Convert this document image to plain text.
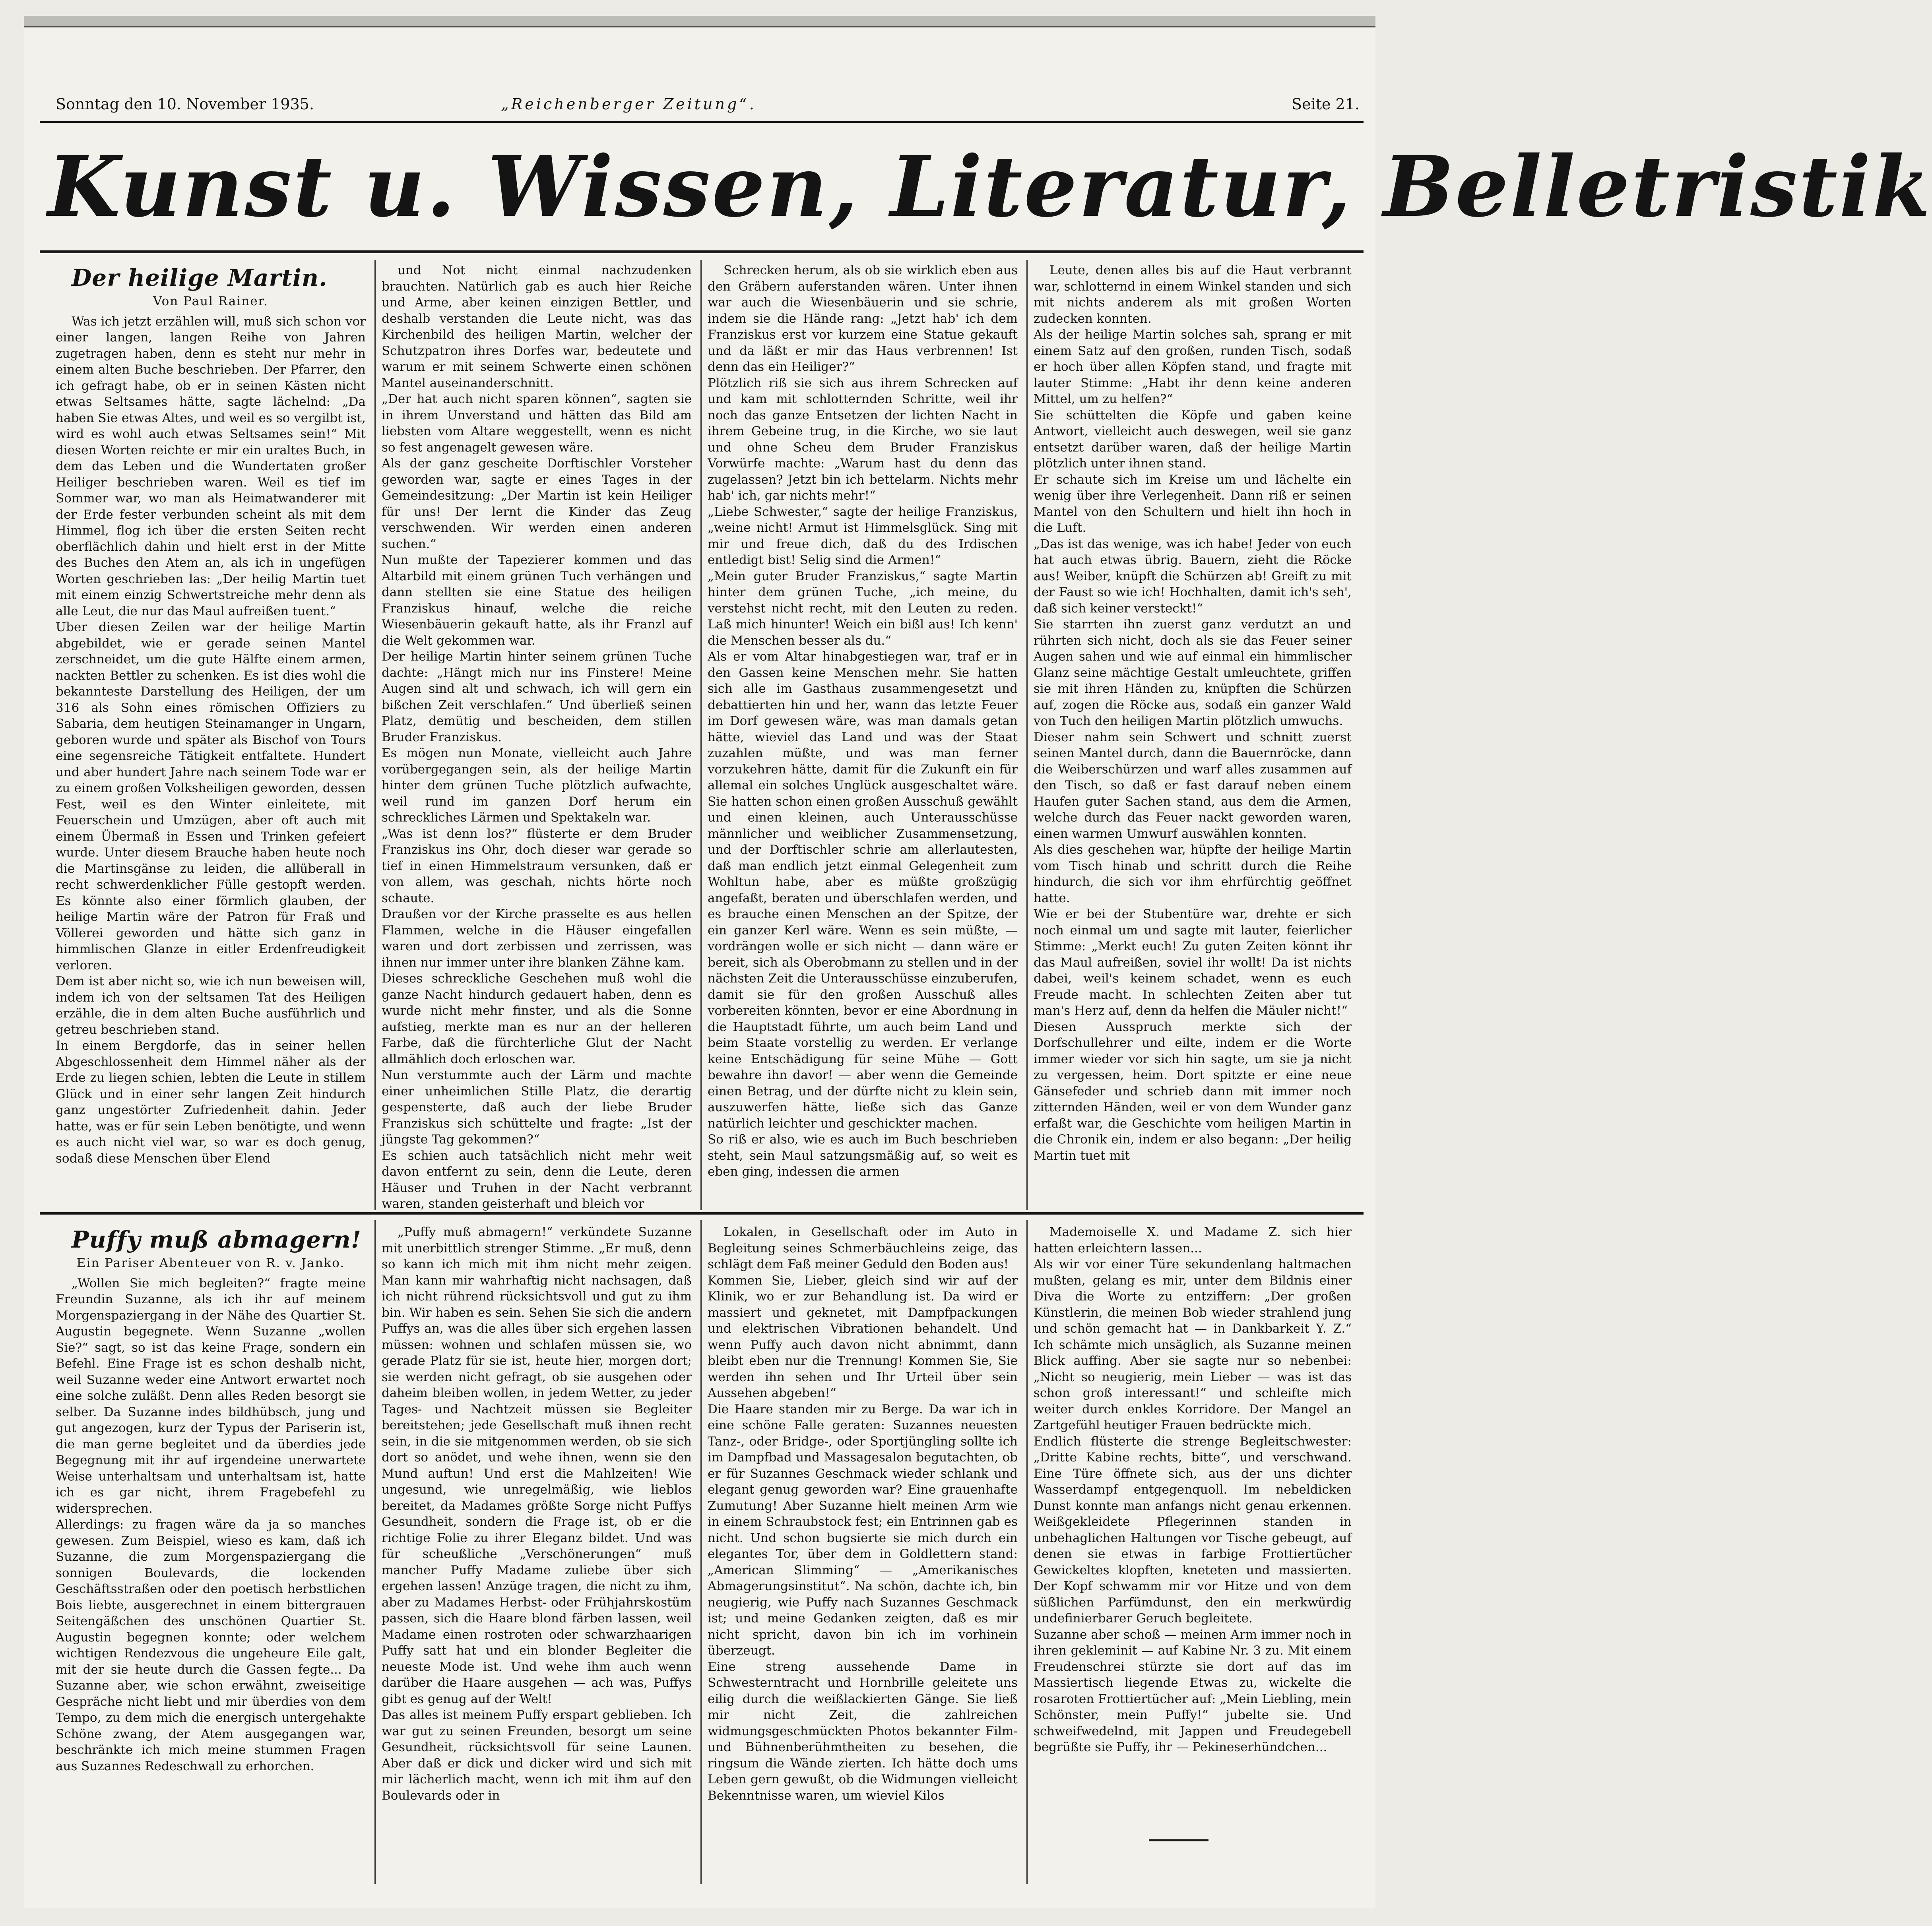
Sonntag den 10. November 1935.	„Reichenberger Zeitung“.	Seite 21.
Kunst u. Wissen, Literatur, Belletristik

Der heilige Martin.

Von Paul Rainer.

Was ich jetzt erzählen will, muß sich schon vor einer langen, langen Reihe von Jahren zugetragen haben, denn es steht nur mehr in einem alten Buche beschrieben. Der Pfarrer, den ich gefragt habe, ob er in seinen Kästen nicht etwas Seltsames hätte, sagte lächelnd: „Da haben Sie etwas Altes, und weil es so vergilbt ist, wird es wohl auch etwas Seltsames sein!“ Mit diesen Worten reichte er mir ein uraltes Buch, in dem das Leben und die Wundertaten großer Heiliger beschrieben waren. Weil es tief im Sommer war, wo man als Heimatwanderer mit der Erde fester verbunden scheint als mit dem Himmel, flog ich über die ersten Seiten recht oberflächlich dahin und hielt erst in der Mitte des Buches den Atem an, als ich in ungefügen Worten geschrieben las: „Der heilig Martin tuet mit einem einzig Schwertstreiche mehr denn als alle Leut, die nur das Maul aufreißen tuent.“
Uber diesen Zeilen war der heilige Martin abgebildet, wie er gerade seinen Mantel zerschneidet, um die gute Hälfte einem armen, nackten Bettler zu schenken. Es ist dies wohl die bekannteste Darstellung des Heiligen, der um 316 als Sohn eines römischen Offiziers zu Sabaria, dem heutigen Steinamanger in Ungarn, geboren wurde und später als Bischof von Tours eine segensreiche Tätigkeit entfaltete. Hundert und aber hundert Jahre nach seinem Tode war er zu einem großen Volksheiligen geworden, dessen Fest, weil es den Winter einleitete, mit Feuerschein und Umzügen, aber oft auch mit einem Übermaß in Essen und Trinken gefeiert wurde. Unter diesem Brauche haben heute noch die Martinsgänse zu leiden, die allüberall in recht schwerdenklicher Fülle gestopft werden. Es könnte also einer förmlich glauben, der heilige Martin wäre der Patron für Fraß und Völlerei geworden und hätte sich ganz in himmlischen Glanze in eitler Erdenfreudigkeit verloren.
Dem ist aber nicht so, wie ich nun beweisen will, indem ich von der seltsamen Tat des Heiligen erzähle, die in dem alten Buche ausführlich und getreu beschrieben stand.
In einem Bergdorfe, das in seiner hellen Abgeschlossenheit dem Himmel näher als der Erde zu liegen schien, lebten die Leute in stillem Glück und in einer sehr langen Zeit hindurch ganz ungestörter Zufriedenheit dahin. Jeder hatte, was er für sein Leben benötigte, und wenn es auch nicht viel war, so war es doch genug, sodaß diese Menschen über Elend

und Not nicht einmal nachzudenken brauchten. Natürlich gab es auch hier Reiche und Arme, aber keinen einzigen Bettler, und deshalb verstanden die Leute nicht, was das Kirchenbild des heiligen Martin, welcher der Schutzpatron ihres Dorfes war, bedeutete und warum er mit seinem Schwerte einen schönen Mantel auseinanderschnitt.
„Der hat auch nicht sparen können“, sagten sie in ihrem Unverstand und hätten das Bild am liebsten vom Altare weggestellt, wenn es nicht so fest angenagelt gewesen wäre.
Als der ganz gescheite Dorftischler Vorsteher geworden war, sagte er eines Tages in der Gemeindesitzung: „Der Martin ist kein Heiliger für uns! Der lernt die Kinder das Zeug verschwenden. Wir werden einen anderen suchen.“
Nun mußte der Tapezierer kommen und das Altarbild mit einem grünen Tuch verhängen und dann stellten sie eine Statue des heiligen Franziskus hinauf, welche die reiche Wiesenbäuerin gekauft hatte, als ihr Franzl auf die Welt gekommen war.
Der heilige Martin hinter seinem grünen Tuche dachte: „Hängt mich nur ins Finstere! Meine Augen sind alt und schwach, ich will gern ein bißchen Zeit verschlafen.“ Und überließ seinen Platz, demütig und bescheiden, dem stillen Bruder Franziskus.
Es mögen nun Monate, vielleicht auch Jahre vorübergegangen sein, als der heilige Martin hinter dem grünen Tuche plötzlich aufwachte, weil rund im ganzen Dorf herum ein schreckliches Lärmen und Spektakeln war.
„Was ist denn los?“ flüsterte er dem Bruder Franziskus ins Ohr, doch dieser war gerade so tief in einen Himmelstraum versunken, daß er von allem, was geschah, nichts hörte noch schaute.
Draußen vor der Kirche prasselte es aus hellen Flammen, welche in die Häuser eingefallen waren und dort zerbissen und zerrissen, was ihnen nur immer unter ihre blanken Zähne kam.
Dieses schreckliche Geschehen muß wohl die ganze Nacht hindurch gedauert haben, denn es wurde nicht mehr finster, und als die Sonne aufstieg, merkte man es nur an der helleren Farbe, daß die fürchterliche Glut der Nacht allmählich doch erloschen war.
Nun verstummte auch der Lärm und machte einer unheimlichen Stille Platz, die derartig gespensterte, daß auch der liebe Bruder Franziskus sich schüttelte und fragte: „Ist der jüngste Tag gekommen?“
Es schien auch tatsächlich nicht mehr weit davon entfernt zu sein, denn die Leute, deren Häuser und Truhen in der Nacht verbrannt waren, standen geisterhaft und bleich vor

Schrecken herum, als ob sie wirklich eben aus den Gräbern auferstanden wären. Unter ihnen war auch die Wiesenbäuerin und sie schrie, indem sie die Hände rang: „Jetzt hab' ich dem Franziskus erst vor kurzem eine Statue gekauft und da läßt er mir das Haus verbrennen! Ist denn das ein Heiliger?“
Plötzlich riß sie sich aus ihrem Schrecken auf und kam mit schlotternden Schritte, weil ihr noch das ganze Entsetzen der lichten Nacht in ihrem Gebeine trug, in die Kirche, wo sie laut und ohne Scheu dem Bruder Franziskus Vorwürfe machte: „Warum hast du denn das zugelassen? Jetzt bin ich bettelarm. Nichts mehr hab' ich, gar nichts mehr!“
„Liebe Schwester,“ sagte der heilige Franziskus, „weine nicht! Armut ist Himmelsglück. Sing mit mir und freue dich, daß du des Irdischen entledigt bist! Selig sind die Armen!“
„Mein guter Bruder Franziskus,“ sagte Martin hinter dem grünen Tuche, „ich meine, du verstehst nicht recht, mit den Leuten zu reden. Laß mich hinunter! Weich ein bißl aus! Ich kenn' die Menschen besser als du.“
Als er vom Altar hinabgestiegen war, traf er in den Gassen keine Menschen mehr. Sie hatten sich alle im Gasthaus zusammengesetzt und debattierten hin und her, wann das letzte Feuer im Dorf gewesen wäre, was man damals getan hätte, wieviel das Land und was der Staat zuzahlen müßte, und was man ferner vorzukehren hätte, damit für die Zukunft ein für allemal ein solches Unglück ausgeschaltet wäre. Sie hatten schon einen großen Ausschuß gewählt und einen kleinen, auch Unterausschüsse männlicher und weiblicher Zusammensetzung, und der Dorftischler schrie am allerlautesten, daß man endlich jetzt einmal Gelegenheit zum Wohltun habe, aber es müßte großzügig angefaßt, beraten und überschlafen werden, und es brauche einen Menschen an der Spitze, der ein ganzer Kerl wäre. Wenn es sein müßte, — vordrängen wolle er sich nicht — dann wäre er bereit, sich als Oberobmann zu stellen und in der nächsten Zeit die Unterausschüsse einzuberufen, damit sie für den großen Ausschuß alles vorbereiten könnten, bevor er eine Abordnung in die Hauptstadt führte, um auch beim Land und beim Staate vorstellig zu werden. Er verlange keine Entschädigung für seine Mühe — Gott bewahre ihn davor! — aber wenn die Gemeinde einen Betrag, und der dürfte nicht zu klein sein, auszuwerfen hätte, ließe sich das Ganze natürlich leichter und geschickter machen.
So riß er also, wie es auch im Buch beschrieben steht, sein Maul satzungsmäßig auf, so weit es eben ging, indessen die armen

Leute, denen alles bis auf die Haut verbrannt war, schlotternd in einem Winkel standen und sich mit nichts anderem als mit großen Worten zudecken konnten.
Als der heilige Martin solches sah, sprang er mit einem Satz auf den großen, runden Tisch, sodaß er hoch über allen Köpfen stand, und fragte mit lauter Stimme: „Habt ihr denn keine anderen Mittel, um zu helfen?“
Sie schüttelten die Köpfe und gaben keine Antwort, vielleicht auch deswegen, weil sie ganz entsetzt darüber waren, daß der heilige Martin plötzlich unter ihnen stand.
Er schaute sich im Kreise um und lächelte ein wenig über ihre Verlegenheit. Dann riß er seinen Mantel von den Schultern und hielt ihn hoch in die Luft.
„Das ist das wenige, was ich habe! Jeder von euch hat auch etwas übrig. Bauern, zieht die Röcke aus! Weiber, knüpft die Schürzen ab! Greift zu mit der Faust so wie ich! Hochhalten, damit ich's seh', daß sich keiner versteckt!“
Sie starrten ihn zuerst ganz verdutzt an und rührten sich nicht, doch als sie das Feuer seiner Augen sahen und wie auf einmal ein himmlischer Glanz seine mächtige Gestalt umleuchtete, griffen sie mit ihren Händen zu, knüpften die Schürzen auf, zogen die Röcke aus, sodaß ein ganzer Wald von Tuch den heiligen Martin plötzlich umwuchs.
Dieser nahm sein Schwert und schnitt zuerst seinen Mantel durch, dann die Bauernröcke, dann die Weiberschürzen und warf alles zusammen auf den Tisch, so daß er fast darauf neben einem Haufen guter Sachen stand, aus dem die Armen, welche durch das Feuer nackt geworden waren, einen warmen Umwurf auswählen konnten.
Als dies geschehen war, hüpfte der heilige Martin vom Tisch hinab und schritt durch die Reihe hindurch, die sich vor ihm ehrfürchtig geöffnet hatte.
Wie er bei der Stubentüre war, drehte er sich noch einmal um und sagte mit lauter, feierlicher Stimme: „Merkt euch! Zu guten Zeiten könnt ihr das Maul aufreißen, soviel ihr wollt! Da ist nichts dabei, weil's keinem schadet, wenn es euch Freude macht. In schlechten Zeiten aber tut man's Herz auf, denn da helfen die Mäuler nicht!“
Diesen Ausspruch merkte sich der Dorfschullehrer und eilte, indem er die Worte immer wieder vor sich hin sagte, um sie ja nicht zu vergessen, heim. Dort spitzte er eine neue Gänsefeder und schrieb dann mit immer noch zitternden Händen, weil er von dem Wunder ganz erfaßt war, die Geschichte vom heiligen Martin in die Chronik ein, indem er also begann: „Der heilig Martin tuet mit

Puffy muß abmagern!

Ein Pariser Abenteuer von R. v. Janko.

„Wollen Sie mich begleiten?“ fragte meine Freundin Suzanne, als ich ihr auf meinem Morgenspaziergang in der Nähe des Quartier St. Augustin begegnete. Wenn Suzanne „wollen Sie?“ sagt, so ist das keine Frage, sondern ein Befehl. Eine Frage ist es schon deshalb nicht, weil Suzanne weder eine Antwort erwartet noch eine solche zuläßt. Denn alles Reden besorgt sie selber. Da Suzanne indes bildhübsch, jung und gut angezogen, kurz der Typus der Pariserin ist, die man gerne begleitet und da überdies jede Begegnung mit ihr auf irgendeine unerwartete Weise unterhaltsam und unterhaltsam ist, hatte ich es gar nicht, ihrem Fragebefehl zu widersprechen.
Allerdings: zu fragen wäre da ja so manches gewesen. Zum Beispiel, wieso es kam, daß ich Suzanne, die zum Morgenspaziergang die sonnigen Boulevards, die lockenden Geschäftsstraßen oder den poetisch herbstlichen Bois liebte, ausgerechnet in einem bittergrauen Seitengäßchen des unschönen Quartier St. Augustin begegnen konnte; oder welchem wichtigen Rendezvous die ungeheure Eile galt, mit der sie heute durch die Gassen fegte... Da Suzanne aber, wie schon erwähnt, zweiseitige Gespräche nicht liebt und mir überdies von dem Tempo, zu dem mich die energisch untergehakte Schöne zwang, der Atem ausgegangen war, beschränkte ich mich meine stummen Fragen aus Suzannes Redeschwall zu erhorchen.

„Puffy muß abmagern!“ verkündete Suzanne mit unerbittlich strenger Stimme. „Er muß, denn so kann ich mich mit ihm nicht mehr zeigen. Man kann mir wahrhaftig nicht nachsagen, daß ich nicht rührend rücksichtsvoll und gut zu ihm bin. Wir haben es sein. Sehen Sie sich die andern Puffys an, was die alles über sich ergehen lassen müssen: wohnen und schlafen müssen sie, wo gerade Platz für sie ist, heute hier, morgen dort; sie werden nicht gefragt, ob sie ausgehen oder daheim bleiben wollen, in jedem Wetter, zu jeder Tages- und Nachtzeit müssen sie Begleiter bereitstehen; jede Gesellschaft muß ihnen recht sein, in die sie mitgenommen werden, ob sie sich dort so anödet, und wehe ihnen, wenn sie den Mund auftun! Und erst die Mahlzeiten! Wie ungesund, wie unregelmäßig, wie lieblos bereitet, da Madames größte Sorge nicht Puffys Gesundheit, sondern die Frage ist, ob er die richtige Folie zu ihrer Eleganz bildet. Und was für scheußliche „Verschönerungen“ muß mancher Puffy Madame zuliebe über sich ergehen lassen! Anzüge tragen, die nicht zu ihm, aber zu Madames Herbst- oder Frühjahrskostüm passen, sich die Haare blond färben lassen, weil Madame einen rostroten oder schwarzhaarigen Puffy satt hat und ein blonder Begleiter die neueste Mode ist. Und wehe ihm auch wenn darüber die Haare ausgehen — ach was, Puffys gibt es genug auf der Welt!
Das alles ist meinem Puffy erspart geblieben. Ich war gut zu seinen Freunden, besorgt um seine Gesundheit, rücksichtsvoll für seine Launen. Aber daß er dick und dicker wird und sich mit mir lächerlich macht, wenn ich mit ihm auf den Boulevards oder in

Lokalen, in Gesellschaft oder im Auto in Begleitung seines Schmerbäuchleins zeige, das schlägt dem Faß meiner Geduld den Boden aus!
Kommen Sie, Lieber, gleich sind wir auf der Klinik, wo er zur Behandlung ist. Da wird er massiert und geknetet, mit Dampfpackungen und elektrischen Vibrationen behandelt. Und wenn Puffy auch davon nicht abnimmt, dann bleibt eben nur die Trennung! Kommen Sie, Sie werden ihn sehen und Ihr Urteil über sein Aussehen abgeben!“
Die Haare standen mir zu Berge. Da war ich in eine schöne Falle geraten: Suzannes neuesten Tanz-, oder Bridge-, oder Sportjüngling sollte ich im Dampfbad und Massagesalon begutachten, ob er für Suzannes Geschmack wieder schlank und elegant genug geworden war? Eine grauenhafte Zumutung! Aber Suzanne hielt meinen Arm wie in einem Schraubstock fest; ein Entrinnen gab es nicht. Und schon bugsierte sie mich durch ein elegantes Tor, über dem in Goldlettern stand: „American Slimming“ — „Amerikanisches Abmagerungsinstitut“. Na schön, dachte ich, bin neugierig, wie Puffy nach Suzannes Geschmack ist; und meine Gedanken zeigten, daß es mir nicht spricht, davon bin ich im vorhinein überzeugt.
Eine streng aussehende Dame in Schwesterntracht und Hornbrille geleitete uns eilig durch die weißlackierten Gänge. Sie ließ mir nicht Zeit, die zahlreichen widmungsgeschmückten Photos bekannter Film- und Bühnenberühmtheiten zu besehen, die ringsum die Wände zierten. Ich hätte doch ums Leben gern gewußt, ob die Widmungen vielleicht Bekenntnisse waren, um wieviel Kilos

Mademoiselle X. und Madame Z. sich hier hatten erleichtern lassen...
Als wir vor einer Türe sekundenlang haltmachen mußten, gelang es mir, unter dem Bildnis einer Diva die Worte zu entziffern: „Der großen Künstlerin, die meinen Bob wieder strahlend jung und schön gemacht hat — in Dankbarkeit Y. Z.“ Ich schämte mich unsäglich, als Suzanne meinen Blick auffing. Aber sie sagte nur so nebenbei: „Nicht so neugierig, mein Lieber — was ist das schon groß interessant!“ und schleifte mich weiter durch enkles Korridore. Der Mangel an Zartgefühl heutiger Frauen bedrückte mich.
Endlich flüsterte die strenge Begleitschwester: „Dritte Kabine rechts, bitte“, und verschwand. Eine Türe öffnete sich, aus der uns dichter Wasserdampf entgegenquoll. Im nebeldicken Dunst konnte man anfangs nicht genau erkennen. Weißgekleidete Pflegerinnen standen in unbehaglichen Haltungen vor Tische gebeugt, auf denen sie etwas in farbige Frottiertücher Gewickeltes klopften, kneteten und massierten. Der Kopf schwamm mir vor Hitze und von dem süßlichen Parfümdunst, den ein merkwürdig undefinierbarer Geruch begleitete.
Suzanne aber schoß — meinen Arm immer noch in ihren gekleminit — auf Kabine Nr. 3 zu. Mit einem Freudenschrei stürzte sie dort auf das im Massiertisch liegende Etwas zu, wickelte die rosaroten Frottiertücher auf: „Mein Liebling, mein Schönster, mein Puffy!“ jubelte sie. Und schweifwedelnd, mit Jappen und Freudegebell begrüßte sie Puffy, ihr — Pekineserhündchen...
